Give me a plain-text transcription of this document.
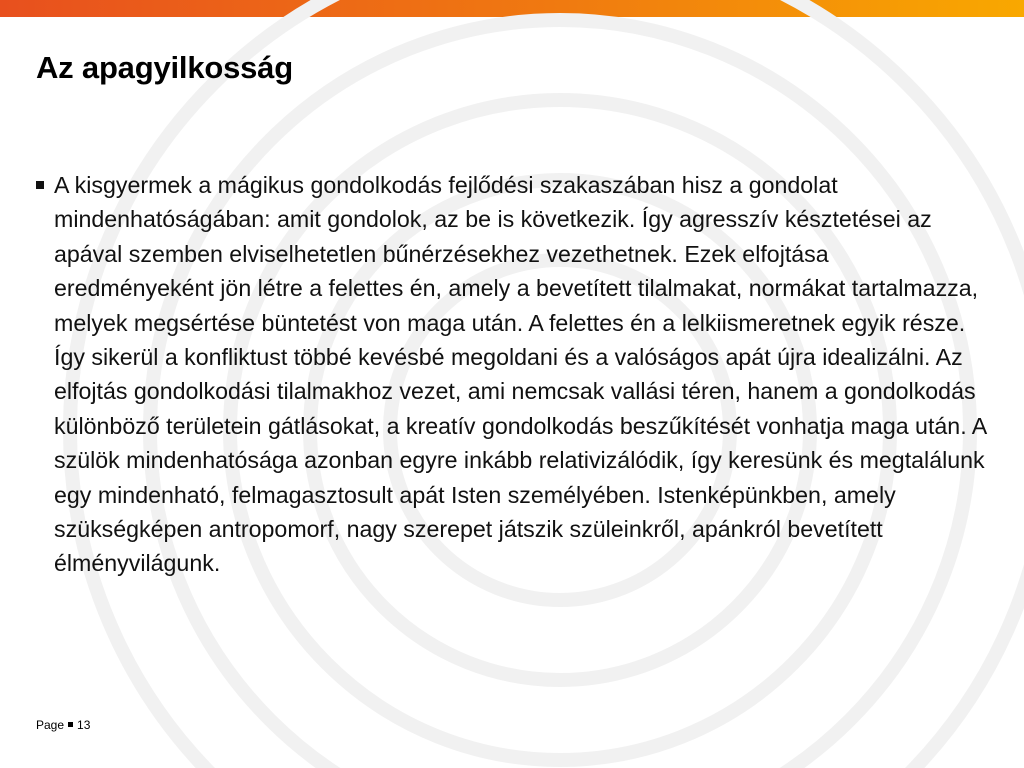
Az apagyilkosság
A kisgyermek a mágikus gondolkodás fejlődési szakaszában hisz a gondolat mindenhatóságában: amit gondolok, az be is következik. Így agresszív késztetései az apával szemben elviselhetetlen bűnérzésekhez vezethetnek. Ezek elfojtása eredményeként jön létre a felettes én, amely a bevetített tilalmakat, normákat tartalmazza, melyek megsértése büntetést von maga után. A felettes én a lelkiismeretnek egyik része. Így sikerül a konfliktust többé kevésbé megoldani és a valóságos apát újra idealizálni. Az elfojtás gondolkodási tilalmakhoz vezet, ami nemcsak vallási téren, hanem a gondolkodás különböző területein gátlásokat, a kreatív gondolkodás beszűkítését vonhatja maga után. A szülök mindenhatósága azonban egyre inkább relativizálódik, így keresünk és megtalálunk egy mindenható, felmagasztosult apát Isten személyében. Istenképünkben, amely szükségképen antropomorf, nagy szerepet játszik szüleinkről, apánkról bevetített élményvilágunk.
Page 13
